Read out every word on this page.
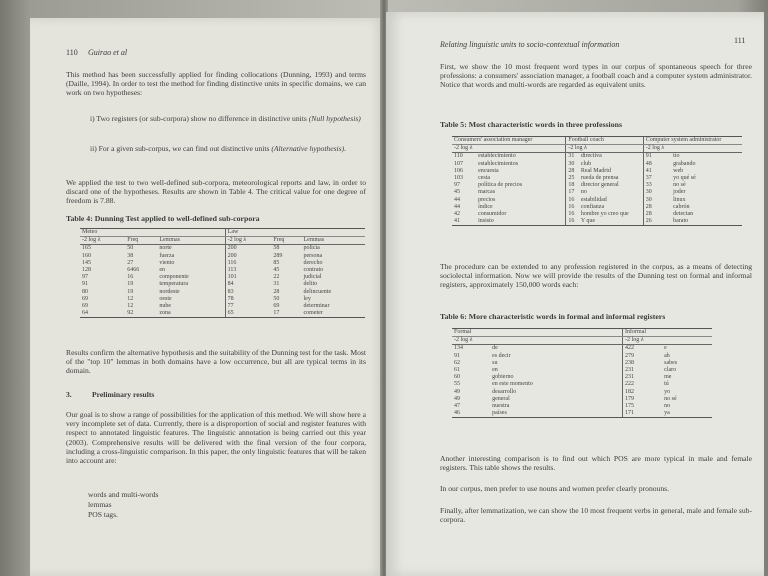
110 Guirao et al
This method has been successfully applied for finding collocations (Dunning, 1993) and terms (Daille, 1994). In order to test the method for finding distinctive units in specific domains, we can work on two hypotheses:
i) Two registers (or sub-corpora) show no difference in distinctive units (Null hypothesis)
ii) For a given sub-corpus, we can find out distinctive units (Alternative hypothesis).
We applied the test to two well-defined sub-corpora, meteorological reports and law, in order to discard one of the hypotheses. Results are shown in Table 4. The critical value for one degree of freedom is 7.88.
Table 4: Dunning Test applied to well-defined sub-corpora
Meteo			Law		
-2 log λ	Freq	Lemmas	-2 log λ	Freq	Lemmas
165	50	norte	200	58	policía
160	38	fuerza	200	289	persona
145	27	viento	116	85	derecho
128	6466	en	113	45	contrato
97	16	componente	101	22	judicial
91	19	temperatura	84	31	delito
80	19	nordeste	83	28	delincuente
69	12	oeste	78	50	ley
69	12	nube	77	69	determinar
64	92	zona	65	17	cometer
Results confirm the alternative hypothesis and the suitability of the Dunning test for the task. Most of the "top 10" lemmas in both domains have a low occurrence, but all are typical terms in its domain.
3.	Preliminary results
Our goal is to show a range of possibilities for the application of this method. We will show here a very incomplete set of data. Currently, there is a disproportion of social and register features with respect to annotated linguistic features. The linguistic annotation is being carried out this year (2003). Comprehensive results will be delivered with the final version of the four corpora, including a cross-linguistic comparison. In this paper, the only linguistic features that will be taken into account are:
words and multi-words
lemmas
POS tags.
Relating linguistic units to socio-contextual information	111
First, we show the 10 most frequent word types in our corpus of spontaneous speech for three professions: a consumers' association manager, a football coach and a computer system administrator. Notice that words and multi-words are regarded as equivalent units.
Table 5: Most characteristic words in three professions
Consumers' association manager		Football coach		Computer system administrator	
-2 log λ		-2 log λ		-2 log λ	
110	establecimiento	31	directiva	91	tío
107	establecimientos	30	club	48	grabando
106	encuesta	28	Real Madrid	41	web
103	cesta	25	rueda de prensa	37	yo qué sé
97	política de precios	18	director general	33	no sé
45	marcas	17	no	30	joder
44	precios	16	estabilidad	30	linux
44	índice	16	confianza	28	cabrón
42	consumidor	16	hombre yo creo que	28	detectan
41	insisto	16	Y que	26	barato
The procedure can be extended to any profession registered in the corpus, as a means of detecting sociolectal information. Now we will provide the results of the Dunning test on formal and informal registers, approximately 150,000 words each:
Table 6: More characteristic words in formal and informal registers
Formal		Informal	
-2 log λ		-2 log λ	
134	de	422	e
91	es decir	279	ah
62	su	238	sabes
61	en	231	claro
60	gobierno	231	me
55	en este momento	222	tú
49	desarrollo	182	yo
49	general	179	no sé
47	nuestra	175	no
46	países	171	ya
Another interesting comparison is to find out which POS are more typical in male and female registers. This table shows the results.
In our corpus, men prefer to use nouns and women prefer clearly pronouns.
Finally, after lemmatization, we can show the 10 most frequent verbs in general, male and female sub-corpora.
